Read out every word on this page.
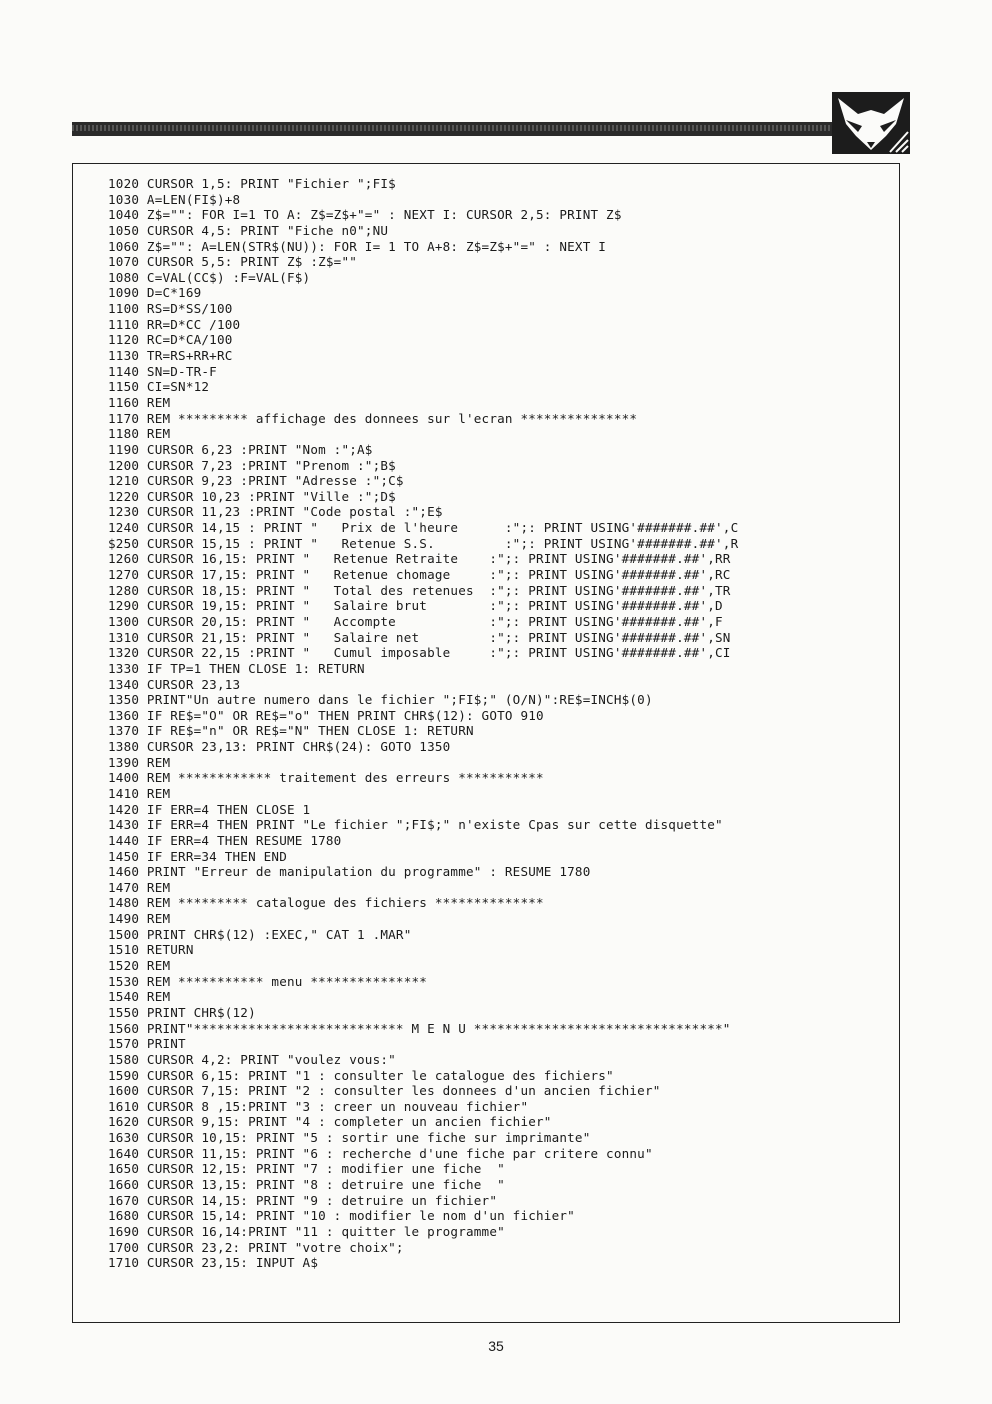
1020 CURSOR 1,5: PRINT "Fichier ";FI$
1030 A=LEN(FI$)+8
1040 Z$="": FOR I=1 TO A: Z$=Z$+"=" : NEXT I: CURSOR 2,5: PRINT Z$
1050 CURSOR 4,5: PRINT "Fiche n0";NU
1060 Z$="": A=LEN(STR$(NU)): FOR I= 1 TO A+8: Z$=Z$+"=" : NEXT I
1070 CURSOR 5,5: PRINT Z$ :Z$=""
1080 C=VAL(CC$) :F=VAL(F$)
1090 D=C*169
1100 RS=D*SS/100
1110 RR=D*CC /100
1120 RC=D*CA/100
1130 TR=RS+RR+RC
1140 SN=D-TR-F
1150 CI=SN*12
1160 REM
1170 REM ********* affichage des donnees sur l'ecran ***************
1180 REM
1190 CURSOR 6,23 :PRINT "Nom :";A$
1200 CURSOR 7,23 :PRINT "Prenom :";B$
1210 CURSOR 9,23 :PRINT "Adresse :";C$
1220 CURSOR 10,23 :PRINT "Ville :";D$
1230 CURSOR 11,23 :PRINT "Code postal :";E$
1240 CURSOR 14,15 : PRINT "   Prix de l'heure      :";: PRINT USING'#######.##',C
$250 CURSOR 15,15 : PRINT "   Retenue S.S.         :";: PRINT USING'#######.##',R
1260 CURSOR 16,15: PRINT "   Retenue Retraite    :";: PRINT USING'#######.##',RR
1270 CURSOR 17,15: PRINT "   Retenue chomage     :";: PRINT USING'#######.##',RC
1280 CURSOR 18,15: PRINT "   Total des retenues  :";: PRINT USING'#######.##',TR
1290 CURSOR 19,15: PRINT "   Salaire brut        :";: PRINT USING'#######.##',D
1300 CURSOR 20,15: PRINT "   Accompte            :";: PRINT USING'#######.##',F
1310 CURSOR 21,15: PRINT "   Salaire net         :";: PRINT USING'#######.##',SN
1320 CURSOR 22,15 :PRINT "   Cumul imposable     :";: PRINT USING'#######.##',CI
1330 IF TP=1 THEN CLOSE 1: RETURN
1340 CURSOR 23,13
1350 PRINT"Un autre numero dans le fichier ";FI$;" (O/N)":RE$=INCH$(0)
1360 IF RE$="O" OR RE$="o" THEN PRINT CHR$(12): GOTO 910
1370 IF RE$="n" OR RE$="N" THEN CLOSE 1: RETURN
1380 CURSOR 23,13: PRINT CHR$(24): GOTO 1350
1390 REM
1400 REM ************ traitement des erreurs ***********
1410 REM
1420 IF ERR=4 THEN CLOSE 1
1430 IF ERR=4 THEN PRINT "Le fichier ";FI$;" n'existe Cpas sur cette disquette"
1440 IF ERR=4 THEN RESUME 1780
1450 IF ERR=34 THEN END
1460 PRINT "Erreur de manipulation du programme" : RESUME 1780
1470 REM
1480 REM ********* catalogue des fichiers **************
1490 REM
1500 PRINT CHR$(12) :EXEC," CAT 1 .MAR"
1510 RETURN
1520 REM
1530 REM *********** menu ***************
1540 REM
1550 PRINT CHR$(12)
1560 PRINT"*************************** M E N U ********************************"
1570 PRINT
1580 CURSOR 4,2: PRINT "voulez vous:"
1590 CURSOR 6,15: PRINT "1 : consulter le catalogue des fichiers"
1600 CURSOR 7,15: PRINT "2 : consulter les donnees d'un ancien fichier"
1610 CURSOR 8 ,15:PRINT "3 : creer un nouveau fichier"
1620 CURSOR 9,15: PRINT "4 : completer un ancien fichier"
1630 CURSOR 10,15: PRINT "5 : sortir une fiche sur imprimante"
1640 CURSOR 11,15: PRINT "6 : recherche d'une fiche par critere connu"
1650 CURSOR 12,15: PRINT "7 : modifier une fiche  "
1660 CURSOR 13,15: PRINT "8 : detruire une fiche  "
1670 CURSOR 14,15: PRINT "9 : detruire un fichier"
1680 CURSOR 15,14: PRINT "10 : modifier le nom d'un fichier"
1690 CURSOR 16,14:PRINT "11 : quitter le programme"
1700 CURSOR 23,2: PRINT "votre choix";
1710 CURSOR 23,15: INPUT A$
35
